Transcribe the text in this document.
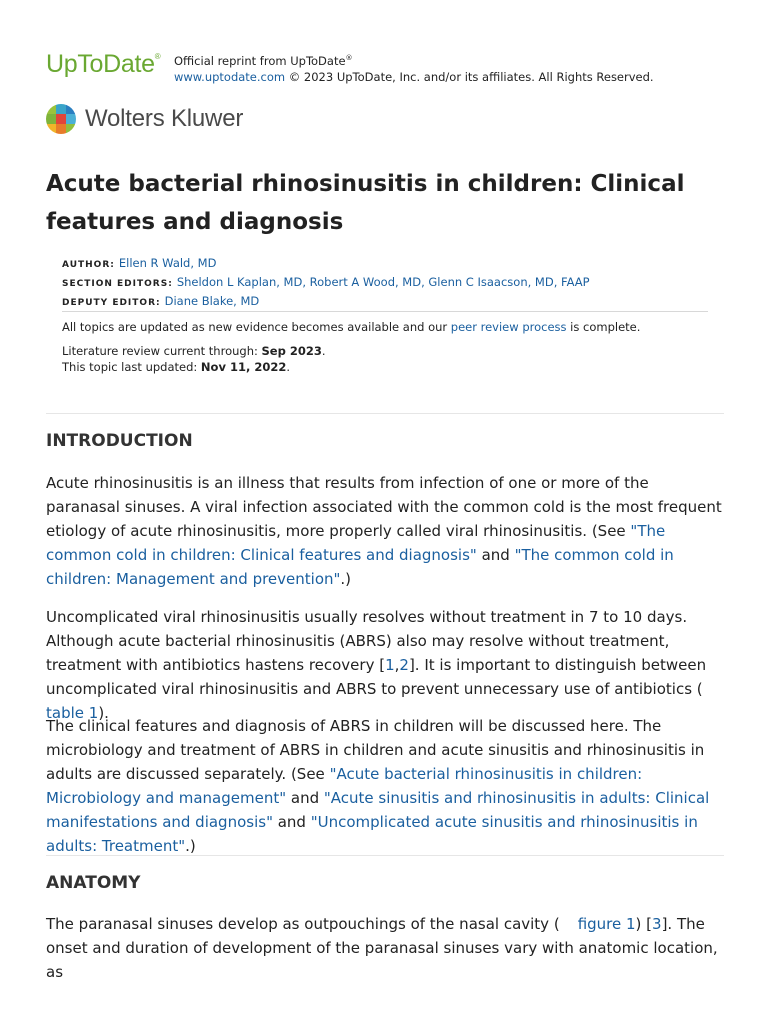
UpToDate® Official reprint from UpToDate®
www.uptodate.com © 2023 UpToDate, Inc. and/or its affiliates. All Rights Reserved.
Wolters Kluwer
Acute bacterial rhinosinusitis in children: Clinical features and diagnosis
AUTHOR: Ellen R Wald, MD
SECTION EDITORS: Sheldon L Kaplan, MD, Robert A Wood, MD, Glenn C Isaacson, MD, FAAP
DEPUTY EDITOR: Diane Blake, MD
All topics are updated as new evidence becomes available and our peer review process is complete.
Literature review current through: Sep 2023.
This topic last updated: Nov 11, 2022.
INTRODUCTION

Acute rhinosinusitis is an illness that results from infection of one or more of the paranasal sinuses. A viral infection associated with the common cold is the most frequent etiology of acute rhinosinusitis, more properly called viral rhinosinusitis. (See "The common cold in children: Clinical features and diagnosis" and "The common cold in children: Management and prevention".)

Uncomplicated viral rhinosinusitis usually resolves without treatment in 7 to 10 days. Although acute bacterial rhinosinusitis (ABRS) also may resolve without treatment, treatment with antibiotics hastens recovery [1,2]. It is important to distinguish between uncomplicated viral rhinosinusitis and ABRS to prevent unnecessary use of antibiotics (table 1).

The clinical features and diagnosis of ABRS in children will be discussed here. The microbiology and treatment of ABRS in children and acute sinusitis and rhinosinusitis in adults are discussed separately. (See "Acute bacterial rhinosinusitis in children: Microbiology and management" and "Acute sinusitis and rhinosinusitis in adults: Clinical manifestations and diagnosis" and "Uncomplicated acute sinusitis and rhinosinusitis in adults: Treatment".)

ANATOMY

The paranasal sinuses develop as outpouchings of the nasal cavity ( figure 1) [3]. The onset and duration of development of the paranasal sinuses vary with anatomic location, as
